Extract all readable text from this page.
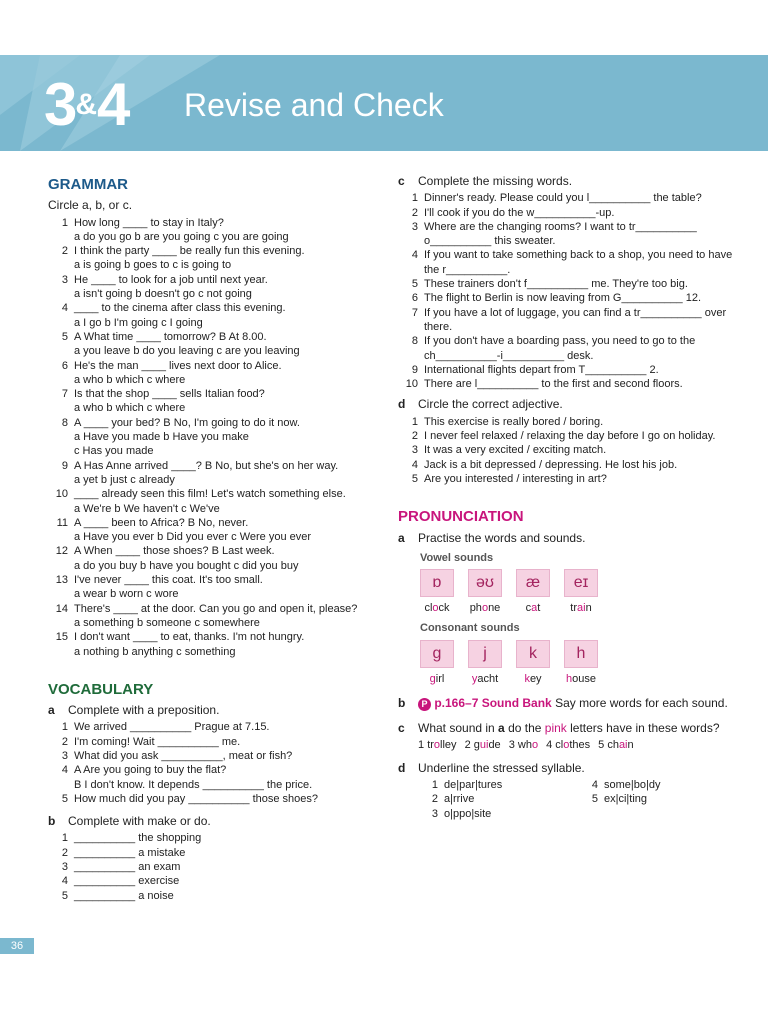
3&4 Revise and Check
GRAMMAR
Circle a, b, or c.
1 How long ____ to stay in Italy?
a do you go b are you going c you are going
2 I think the party ____ be really fun this evening.
a is going b goes to c is going to
3 He ____ to look for a job until next year.
a isn't going b doesn't go c not going
4 ____ to the cinema after class this evening.
a I go b I'm going c I going
5 A What time ____ tomorrow? B At 8.00.
a you leave b do you leaving c are you leaving
6 He's the man ____ lives next door to Alice.
a who b which c where
7 Is that the shop ____ sells Italian food?
a who b which c where
8 A ____ your bed? B No, I'm going to do it now.
a Have you made b Have you make
c Has you made
9 A Has Anne arrived ____? B No, but she's on her way.
a yet b just c already
10 ____ already seen this film! Let's watch something else.
a We're b We haven't c We've
11 A ____ been to Africa? B No, never.
a Have you ever b Did you ever c Were you ever
12 A When ____ those shoes? B Last week.
a do you buy b have you bought c did you buy
13 I've never ____ this coat. It's too small.
a wear b worn c wore
14 There's ____ at the door. Can you go and open it, please?
a something b someone c somewhere
15 I don't want ____ to eat, thanks. I'm not hungry.
a nothing b anything c something
VOCABULARY
a Complete with a preposition.
1 We arrived __________ Prague at 7.15.
2 I'm coming! Wait __________ me.
3 What did you ask __________, meat or fish?
4 A Are you going to buy the flat?
B I don't know. It depends __________ the price.
5 How much did you pay __________ those shoes?
b Complete with make or do.
1 __________ the shopping
2 __________ a mistake
3 __________ an exam
4 __________ exercise
5 __________ a noise
c Complete the missing words.
1 Dinner's ready. Please could you l__________ the table?
2 I'll cook if you do the w__________-up.
3 Where are the changing rooms? I want to tr__________ o__________ this sweater.
4 If you want to take something back to a shop, you need to have the r__________.
5 These trainers don't f__________ me. They're too big.
6 The flight to Berlin is now leaving from G__________ 12.
7 If you have a lot of luggage, you can find a tr__________ over there.
8 If you don't have a boarding pass, you need to go to the ch__________-i__________ desk.
9 International flights depart from T__________ 2.
10 There are l__________ to the first and second floors.
d Circle the correct adjective.
1 This exercise is really bored / boring.
2 I never feel relaxed / relaxing the day before I go on holiday.
3 It was a very excited / exciting match.
4 Jack is a bit depressed / depressing. He lost his job.
5 Are you interested / interesting in art?
PRONUNCIATION
a Practise the words and sounds.
Vowel sounds
ɒ
clock
əʊ
phone
æ
cat
eɪ
train
Consonant sounds
g
girl
j
yacht
k
key
h
house
b P p.166–7 Sound Bank Say more words for each sound.
c What sound in a do the pink letters have in these words?
1 trolley 2 guide 3 who 4 clothes 5 chain
d Underline the stressed syllable.
1 de|par|tures	4 some|bo|dy
2 a|rrive	5 ex|ci|ting
3 o|ppo|site
36
